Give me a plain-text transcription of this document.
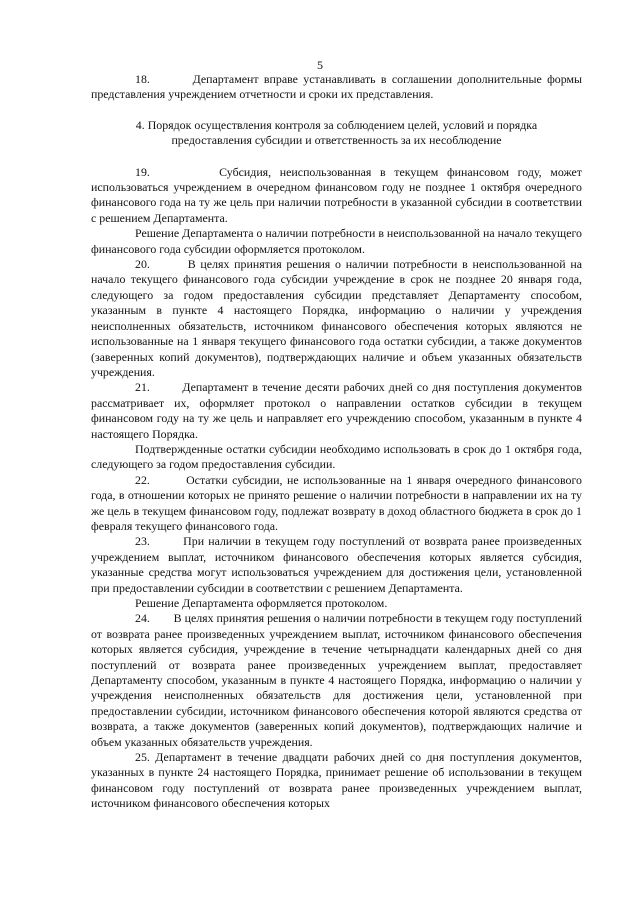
5

18.        Департамент вправе устанавливать в соглашении дополнительные формы представления учреждением отчетности и сроки их представления.

4. Порядок осуществления контроля за соблюдением целей, условий и порядка предоставления субсидии и ответственность за их несоблюдение

19.        Субсидия, неиспользованная в текущем финансовом году, может использоваться учреждением в очередном финансовом году не позднее 1 октября очередного финансового года на ту же цель при наличии потребности в указанной субсидии в соответствии с решением Департамента.

Решение Департамента о наличии потребности в неиспользованной на начало текущего финансового года субсидии оформляется протоколом.

20.        В целях принятия решения о наличии потребности в неиспользованной на начало текущего финансового года субсидии учреждение в срок не позднее 20 января года, следующего за годом предоставления субсидии представляет Департаменту способом, указанным в пункте 4 настоящего Порядка, информацию о наличии у учреждения неисполненных обязательств, источником финансового обеспечения которых являются не использованные на 1 января текущего финансового года остатки субсидии, а также документов (заверенных копий документов), подтверждающих наличие и объем указанных обязательств учреждения.

21.        Департамент в течение десяти рабочих дней со дня поступления документов рассматривает их, оформляет протокол о направлении остатков субсидии в текущем финансовом году на ту же цель и направляет его учреждению способом, указанным в пункте 4 настоящего Порядка.

Подтвержденные остатки субсидии необходимо использовать в срок до 1 октября года, следующего за годом предоставления субсидии.

22.        Остатки субсидии, не использованные на 1 января очередного финансового года, в отношении которых не принято решение о наличии потребности в направлении их на ту же цель в текущем финансовом году, подлежат возврату в доход областного бюджета в срок до 1 февраля текущего финансового года.

23.        При наличии в текущем году поступлений от возврата ранее произведенных учреждением выплат, источником финансового обеспечения которых является субсидия, указанные средства могут использоваться учреждением для достижения цели, установленной при предоставлении субсидии в соответствии с решением Департамента.

Решение Департамента оформляется протоколом.

24.        В целях принятия решения о наличии потребности в текущем году поступлений от возврата ранее произведенных учреждением выплат, источником финансового обеспечения которых является субсидия, учреждение в течение четырнадцати календарных дней со дня поступлений от возврата ранее произведенных учреждением выплат, предоставляет Департаменту способом, указанным в пункте 4 настоящего Порядка, информацию о наличии у учреждения неисполненных обязательств для достижения цели, установленной при предоставлении субсидии, источником финансового обеспечения которой являются средства от возврата, а также документов (заверенных копий документов), подтверждающих наличие и объем указанных обязательств учреждения.

25. Департамент в течение двадцати рабочих дней со дня поступления документов, указанных в пункте 24 настоящего Порядка, принимает решение об использовании в текущем финансовом году поступлений от возврата ранее произведенных учреждением выплат, источником финансового обеспечения которых
